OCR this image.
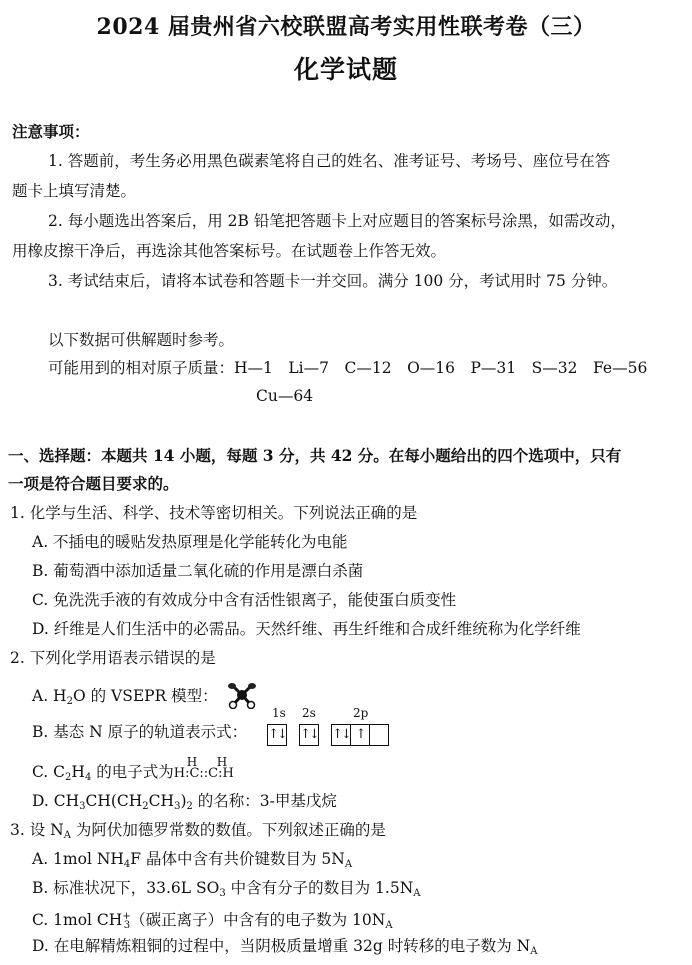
2024 届贵州省六校联盟高考实用性联考卷（三）
化学试题
注意事项：
1. 答题前，考生务必用黑色碳素笔将自己的姓名、准考证号、考场号、座位号在答
题卡上填写清楚。
2. 每小题选出答案后，用 2B 铅笔把答题卡上对应题目的答案标号涂黑，如需改动，
用橡皮擦干净后，再选涂其他答案标号。在试题卷上作答无效。
3. 考试结束后，请将本试卷和答题卡一并交回。满分 100 分，考试用时 75 分钟。
以下数据可供解题时参考。
可能用到的相对原子质量：H—1　Li—7　C—12　O—16　P—31　S—32　Fe—56
Cu—64
一、选择题：本题共 14 小题，每题 3 分，共 42 分。在每小题给出的四个选项中，只有
一项是符合题目要求的。
1. 化学与生活、科学、技术等密切相关。下列说法正确的是
A. 不插电的暖贴发热原理是化学能转化为电能
B. 葡萄酒中添加适量二氧化硫的作用是漂白杀菌
C. 免洗洗手液的有效成分中含有活性银离子，能使蛋白质变性
D. 纤维是人们生活中的必需品。天然纤维、再生纤维和合成纤维统称为化学纤维
2. 下列化学用语表示错误的是
A. $H_2O$ 的 VSEPR 模型：
B. 基态 N 原子的轨道表示式：
1s 2s	2p
↑↓ ↑↓ ↑↓ ↑
C. $C_2H_4$ 的电子式为
H H
H:C::C:H
D. $CH_3CH(CH_2CH_3)_2$ 的名称：3-甲基戊烷
3. 设 $N_A$ 为阿伏加德罗常数的数值。下列叙述正确的是
A. 1mol $NH_4F$ 晶体中含有共价键数目为 $5N_A$
B. 标准状况下，33.6L $SO_3$ 中含有分子的数目为 $1.5N_A$
C. 1mol $CH^+_3$（碳正离子）中含有的电子数为 $10N_A$
D. 在电解精炼粗铜的过程中，当阴极质量增重 32g 时转移的电子数为 $N_A$
